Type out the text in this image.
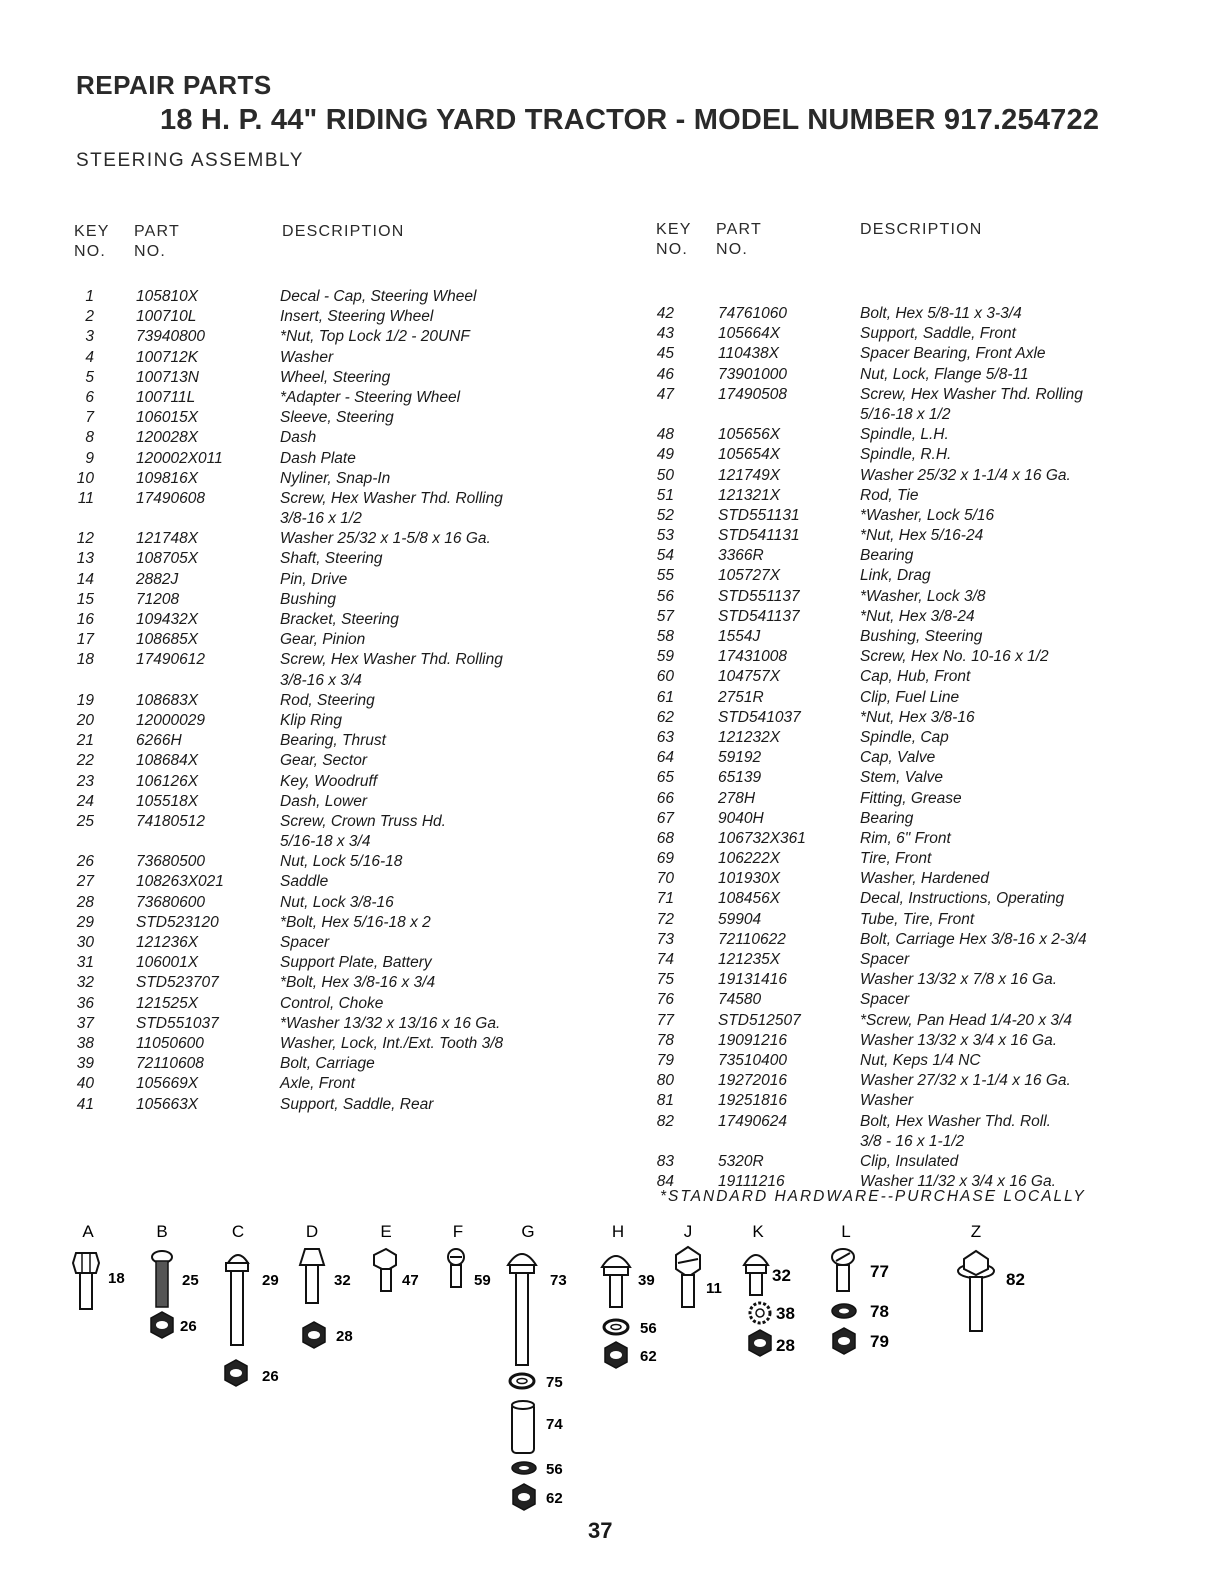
REPAIR PARTS
18 H. P. 44" RIDING YARD TRACTOR - MODEL NUMBER 917.254722
STEERING ASSEMBLY
KEY
NO.
PART
NO.
DESCRIPTION	KEY
NO.
PART
NO.
DESCRIPTION
1	105810X	Decal - Cap, Steering Wheel
2	100710L	Insert, Steering Wheel
3	73940800	*Nut, Top Lock 1/2 - 20UNF
4	100712K	Washer
5	100713N	Wheel, Steering
6	100711L	*Adapter - Steering Wheel
7	106015X	Sleeve, Steering
8	120028X	Dash
9	120002X011	Dash Plate
10	109816X	Nyliner, Snap-In
11	17490608	Screw, Hex Washer Thd. Rolling
3/8-16 x 1/2
12	121748X	Washer 25/32 x 1-5/8 x 16 Ga.
13	108705X	Shaft, Steering
14	2882J	Pin, Drive
15	71208	Bushing
16	109432X	Bracket, Steering
17	108685X	Gear, Pinion
18	17490612	Screw, Hex Washer Thd. Rolling
3/8-16 x 3/4
19	108683X	Rod, Steering
20	12000029	Klip Ring
21	6266H	Bearing, Thrust
22	108684X	Gear, Sector
23	106126X	Key, Woodruff
24	105518X	Dash, Lower
25	74180512	Screw, Crown Truss Hd.
5/16-18 x 3/4
26	73680500	Nut, Lock 5/16-18
27	108263X021	Saddle
28	73680600	Nut, Lock 3/8-16
29	STD523120	*Bolt, Hex 5/16-18 x 2
30	121236X	Spacer
31	106001X	Support Plate, Battery
32	STD523707	*Bolt, Hex 3/8-16 x 3/4
36	121525X	Control, Choke
37	STD551037	*Washer 13/32 x 13/16 x 16 Ga.
38	11050600	Washer, Lock, Int./Ext. Tooth 3/8
39	72110608	Bolt, Carriage
40	105669X	Axle, Front
41	105663X	Support, Saddle, Rear
42	74761060	Bolt, Hex 5/8-11 x 3-3/4
43	105664X	Support, Saddle, Front
45	110438X	Spacer Bearing, Front Axle
46	73901000	Nut, Lock, Flange 5/8-11
47	17490508	Screw, Hex Washer Thd. Rolling
5/16-18 x 1/2
48	105656X	Spindle, L.H.
49	105654X	Spindle, R.H.
50	121749X	Washer 25/32 x 1-1/4 x 16 Ga.
51	121321X	Rod, Tie
52	STD551131	*Washer, Lock 5/16
53	STD541131	*Nut, Hex 5/16-24
54	3366R	Bearing
55	105727X	Link, Drag
56	STD551137	*Washer, Lock 3/8
57	STD541137	*Nut, Hex 3/8-24
58	1554J	Bushing, Steering
59	17431008	Screw, Hex No. 10-16 x 1/2
60	104757X	Cap, Hub, Front
61	2751R	Clip, Fuel Line
62	STD541037	*Nut, Hex 3/8-16
63	121232X	Spindle, Cap
64	59192	Cap, Valve
65	65139	Stem, Valve
66	278H	Fitting, Grease
67	9040H	Bearing
68	106732X361	Rim, 6" Front
69	106222X	Tire, Front
70	101930X	Washer, Hardened
71	108456X	Decal, Instructions, Operating
72	59904	Tube, Tire, Front
73	72110622	Bolt, Carriage Hex 3/8-16 x 2-3/4
74	121235X	Spacer
75	19131416	Washer 13/32 x 7/8 x 16 Ga.
76	74580	Spacer
77	STD512507	*Screw, Pan Head 1/4-20 x 3/4
78	19091216	Washer 13/32 x 3/4 x 16 Ga.
79	73510400	Nut, Keps 1/4 NC
80	19272016	Washer 27/32 x 1-1/4 x 16 Ga.
81	19251816	Washer
82	17490624	Bolt, Hex Washer Thd. Roll.
3/8 - 16 x 1-1/2
83	5320R	Clip, Insulated
84	19111216	Washer 11/32 x 3/4 x 16 Ga.
*STANDARD HARDWARE--PURCHASE LOCALLY
A	B	C	D	E	F	G	H	J	K	L	Z
18	25
26
29
26
32
28
47	59	73
75
74
56
62
39
56
62
11
32
38
28
77
78
79
82
37
